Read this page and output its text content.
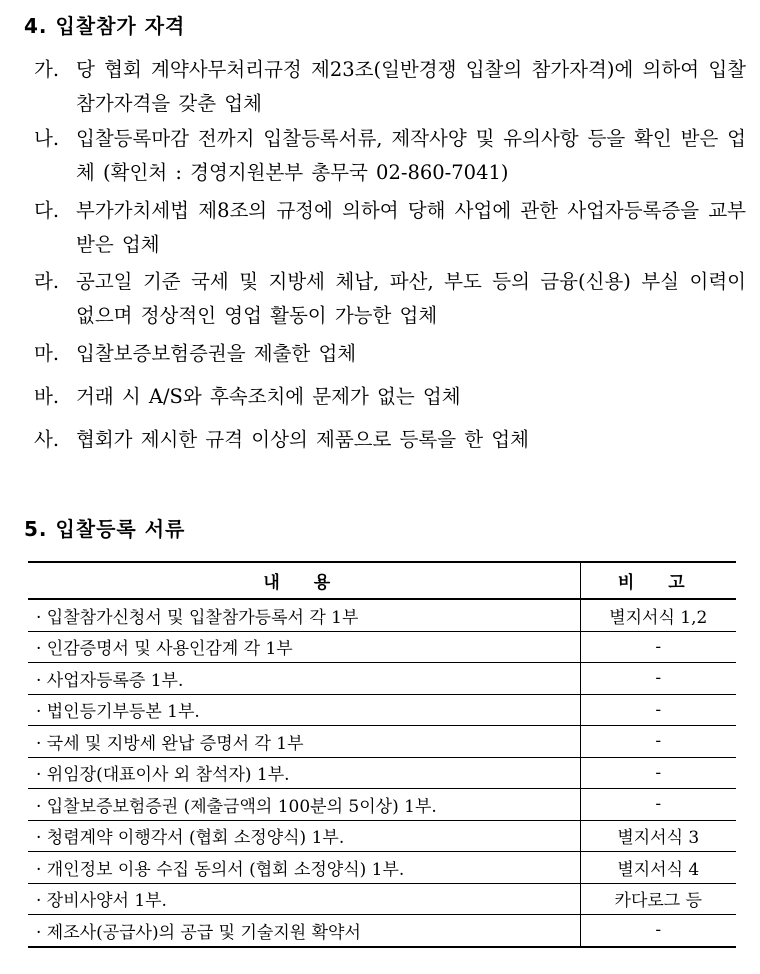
4. 입찰참가 자격
가. 당 협회 계약사무처리규정 제23조(일반경쟁 입찰의 참가자격)에 의하여 입찰참가자격을 갖춘 업체
나. 입찰등록마감 전까지 입찰등록서류, 제작사양 및 유의사항 등을 확인 받은 업체 (확인처 : 경영지원본부 총무국 02-860-7041)
다. 부가가치세법 제8조의 규정에 의하여 당해 사업에 관한 사업자등록증을 교부받은 업체
라. 공고일 기준 국세 및 지방세 체납, 파산, 부도 등의 금융(신용) 부실 이력이 없으며 정상적인 영업 활동이 가능한 업체
마. 입찰보증보험증권을 제출한 업체
바. 거래 시 A/S와 후속조치에 문제가 없는 업체
사. 협회가 제시한 규격 이상의 제품으로 등록을 한 업체
5. 입찰등록 서류
내 용	비 고
· 입찰참가신청서 및 입찰참가등록서 각 1부	별지서식 1,2
· 인감증명서 및 사용인감계 각 1부	-
· 사업자등록증 1부.	-
· 법인등기부등본 1부.	-
· 국세 및 지방세 완납 증명서 각 1부	-
· 위임장(대표이사 외 참석자) 1부.	-
· 입찰보증보험증권 (제출금액의 100분의 5이상) 1부.	-
· 청렴계약 이행각서 (협회 소정양식) 1부.	별지서식 3
· 개인정보 이용 수집 동의서 (협회 소정양식) 1부.	별지서식 4
· 장비사양서 1부.	카다로그 등
· 제조사(공급사)의 공급 및 기술지원 확약서	-
